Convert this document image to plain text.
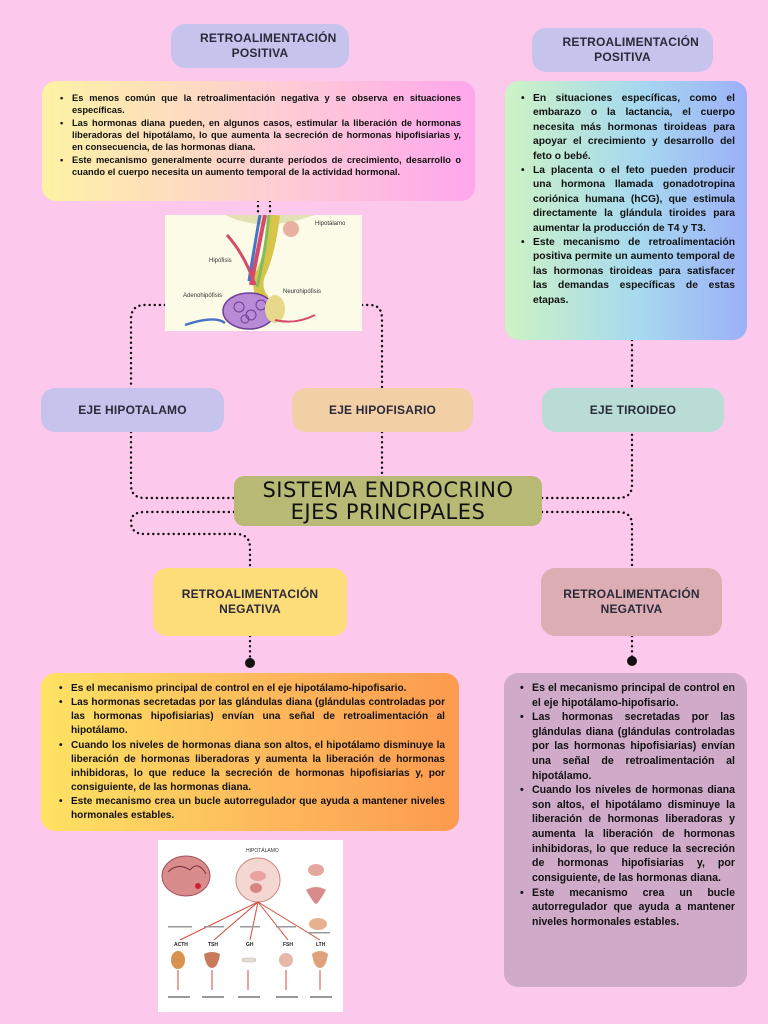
RETROALIMENTACIÓN POSITIVA
RETROALIMENTACIÓN POSITIVA
• Es menos común que la retroalimentación negativa y se observa en situaciones específicas.
• Las hormonas diana pueden, en algunos casos, estimular la liberación de hormonas liberadoras del hipotálamo, lo que aumenta la secreción de hormonas hipofisiarias y, en consecuencia, de las hormonas diana.
• Este mecanismo generalmente ocurre durante períodos de crecimiento, desarrollo o cuando el cuerpo necesita un aumento temporal de la actividad hormonal.
• En situaciones específicas, como el embarazo o la lactancia, el cuerpo necesita más hormonas tiroideas para apoyar el crecimiento y desarrollo del feto o bebé.
• La placenta o el feto pueden producir una hormona llamada gonadotropina coriónica humana (hCG), que estimula directamente la glándula tiroides para aumentar la producción de T4 y T3.
• Este mecanismo de retroalimentación positiva permite un aumento temporal de las hormonas tiroideas para satisfacer las demandas específicas de estas etapas.
Hipotálamo
Hipófisis
Adenohipófisis
Neurohipófisis
EJE HIPOTALAMO	EJE HIPOFISARIO	EJE TIROIDEO
SISTEMA ENDROCRINO
EJES PRINCIPALES
RETROALIMENTACIÓN NEGATIVA
RETROALIMENTACIÓN NEGATIVA
• Es el mecanismo principal de control en el eje hipotálamo-hipofisario.
• Las hormonas secretadas por las glándulas diana (glándulas controladas por las hormonas hipofisiarias) envían una señal de retroalimentación al hipotálamo.
• Cuando los niveles de hormonas diana son altos, el hipotálamo disminuye la liberación de hormonas liberadoras y aumenta la liberación de hormonas inhibidoras, lo que reduce la secreción de hormonas hipofisiarias y, por consiguiente, de las hormonas diana.
• Este mecanismo crea un bucle autorregulador que ayuda a mantener niveles hormonales estables.
• Es el mecanismo principal de control en el eje hipotálamo-hipofisario.
• Las hormonas secretadas por las glándulas diana (glándulas controladas por las hormonas hipofisiarias) envían una señal de retroalimentación al hipotálamo.
• Cuando los niveles de hormonas diana son altos, el hipotálamo disminuye la liberación de hormonas liberadoras y aumenta la liberación de hormonas inhibidoras, lo que reduce la secreción de hormonas hipofisiarias y, por consiguiente, de las hormonas diana.
• Este mecanismo crea un bucle autorregulador que ayuda a mantener niveles hormonales estables.
HIPOTÁLAMO
ACTH	TSH	GH	FSH	LTH
